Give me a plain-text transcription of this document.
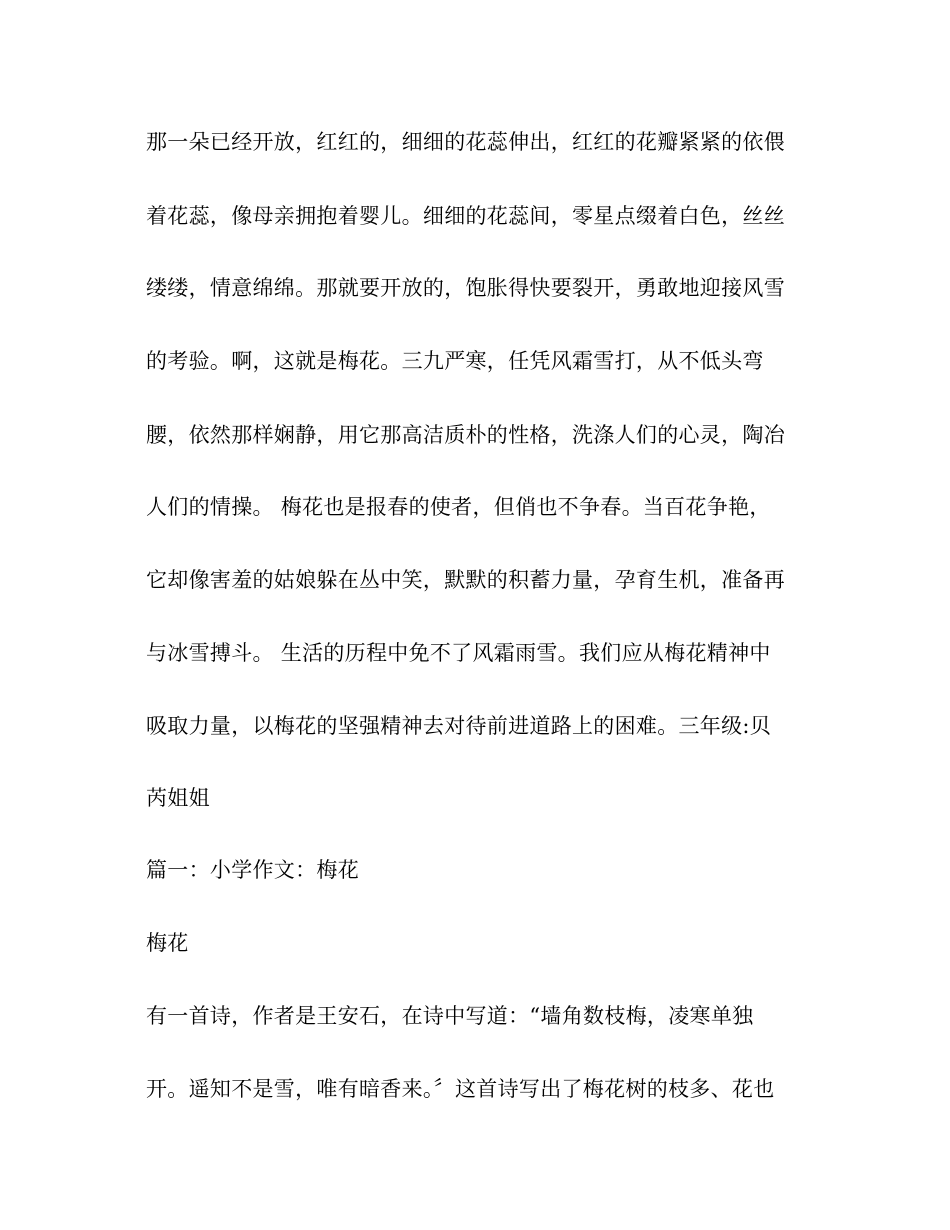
那一朵已经开放，红红的，细细的花蕊伸出，红红的花瓣紧紧的依偎
着花蕊，像母亲拥抱着婴儿。细细的花蕊间，零星点缀着白色，丝丝
缕缕，情意绵绵。那就要开放的，饱胀得快要裂开，勇敢地迎接风雪
的考验。啊，这就是梅花。三九严寒，任凭风霜雪打，从不低头弯
腰，依然那样娴静，用它那高洁质朴的性格，洗涤人们的心灵，陶冶
人们的情操。 梅花也是报春的使者，但俏也不争春。当百花争艳，
它却像害羞的姑娘躲在丛中笑，默默的积蓄力量，孕育生机，准备再
与冰雪搏斗。 生活的历程中免不了风霜雨雪。我们应从梅花精神中
吸取力量，以梅花的坚强精神去对待前进道路上的困难。三年级:贝
芮姐姐
篇一：小学作文：梅花
梅花
有一首诗，作者是王安石，在诗中写道：“墙角数枝梅，凌寒单独
开。遥知不是雪，唯有暗香来。〞这首诗写出了梅花树的枝多、花也
